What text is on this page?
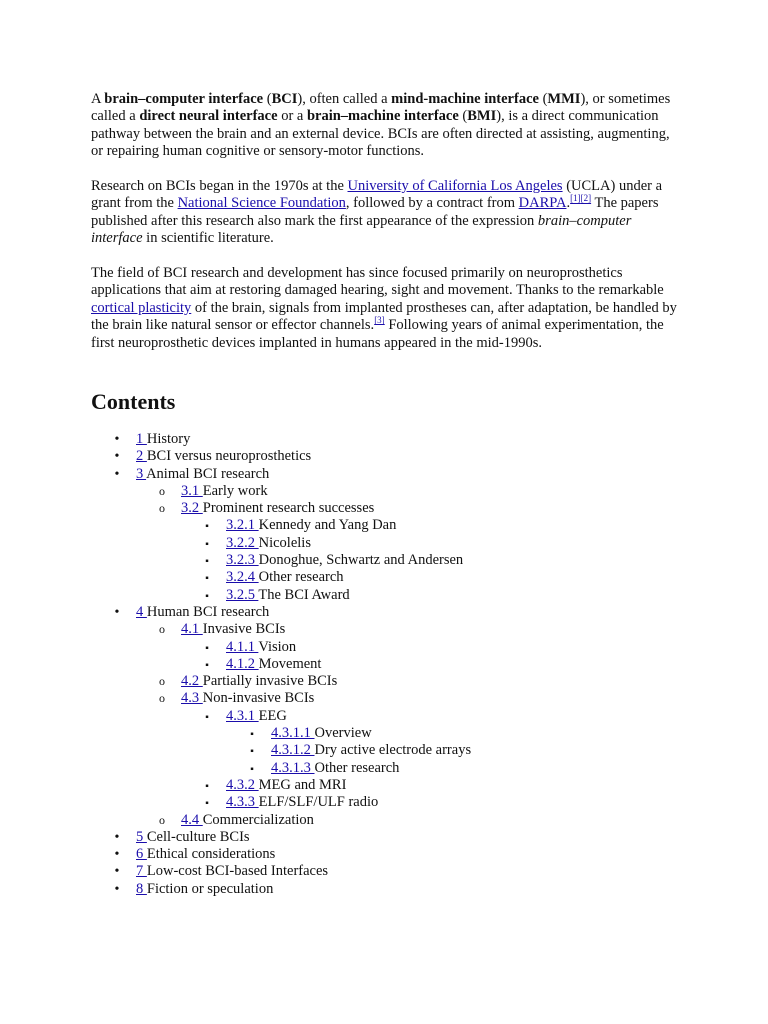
A brain–computer interface (BCI), often called a mind-machine interface (MMI), or sometimes called a direct neural interface or a brain–machine interface (BMI), is a direct communication pathway between the brain and an external device. BCIs are often directed at assisting, augmenting, or repairing human cognitive or sensory-motor functions.

Research on BCIs began in the 1970s at the University of California Los Angeles (UCLA) under a grant from the National Science Foundation, followed by a contract from DARPA.[1][2] The papers published after this research also mark the first appearance of the expression brain–computer interface in scientific literature.

The field of BCI research and development has since focused primarily on neuroprosthetics applications that aim at restoring damaged hearing, sight and movement. Thanks to the remarkable cortical plasticity of the brain, signals from implanted prostheses can, after adaptation, be handled by the brain like natural sensor or effector channels.[3] Following years of animal experimentation, the first neuroprosthetic devices implanted in humans appeared in the mid-1990s.

Contents
•
1 History
•
2 BCI versus neuroprosthetics
•
3 Animal BCI research
o
3.1 Early work
o
3.2 Prominent research successes
▪
3.2.1 Kennedy and Yang Dan
▪
3.2.2 Nicolelis
▪
3.2.3 Donoghue, Schwartz and Andersen
▪
3.2.4 Other research
▪
3.2.5 The BCI Award
•
4 Human BCI research
o
4.1 Invasive BCIs
▪
4.1.1 Vision
▪
4.1.2 Movement
o
4.2 Partially invasive BCIs
o
4.3 Non-invasive BCIs
▪
4.3.1 EEG
▪
4.3.1.1 Overview
▪
4.3.1.2 Dry active electrode arrays
▪
4.3.1.3 Other research
▪
4.3.2 MEG and MRI
▪
4.3.3 ELF/SLF/ULF radio
o
4.4 Commercialization
•
5 Cell-culture BCIs
•
6 Ethical considerations
•
7 Low-cost BCI-based Interfaces
•
8 Fiction or speculation
